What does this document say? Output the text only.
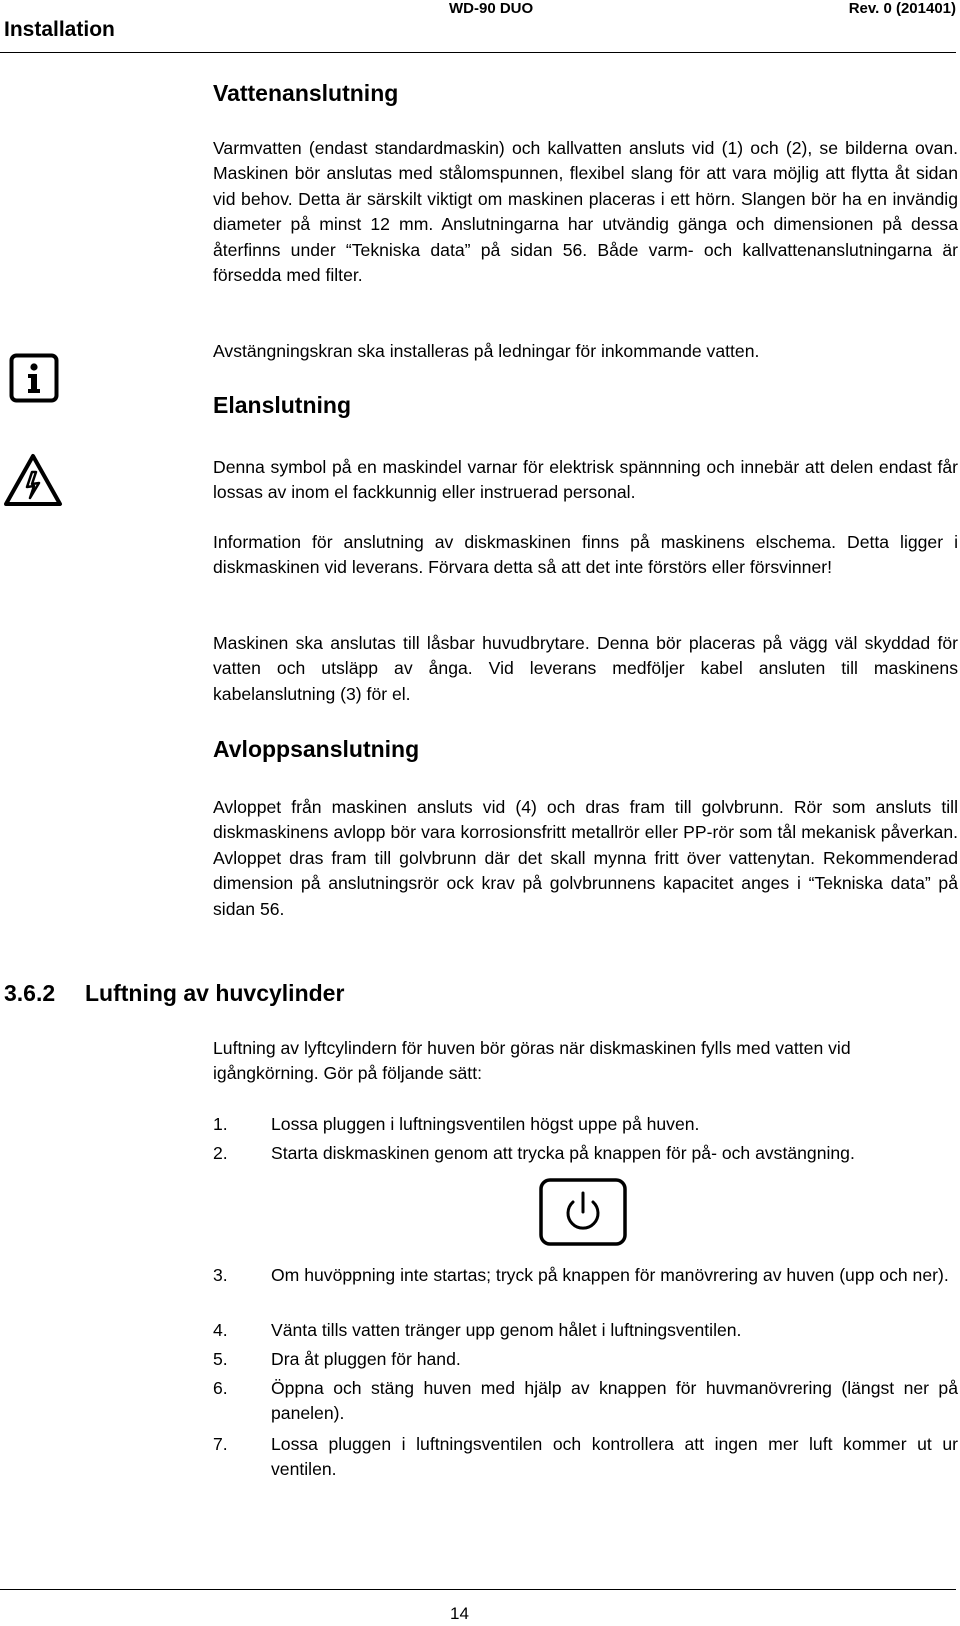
Installation
WD-90 DUO	Rev. 0 (201401)
Vattenanslutning

Varmvatten (endast standardmaskin) och kallvatten ansluts vid (1) och (2), se bilderna ovan. Maskinen bör anslutas med stålomspunnen, flexibel slang för att vara möjlig att flytta åt sidan vid behov. Detta är särskilt viktigt om maskinen placeras i ett hörn. Slangen bör ha en invändig diameter på minst 12 mm. Anslutningarna har utvändig gänga och dimensionen på dessa återfinns under “Tekniska data” på sidan 56. Både varm- och kallvattenanslutningarna är försedda med filter.

Avstängningskran ska installeras på ledningar för inkommande vatten.

Elanslutning

Denna symbol på en maskindel varnar för elektrisk spännning och innebär att delen endast får lossas av inom el fackkunnig eller instruerad personal.

Information för anslutning av diskmaskinen finns på maskinens elschema. Detta ligger i diskmaskinen vid leverans. Förvara detta så att det inte förstörs eller försvinner!

Maskinen ska anslutas till låsbar huvudbrytare. Denna bör placeras på vägg väl skyddad för vatten och utsläpp av ånga. Vid leverans medföljer kabel ansluten till maskinens kabelanslutning (3) för el.

Avloppsanslutning

Avloppet från maskinen ansluts vid (4) och dras fram till golvbrunn. Rör som ansluts till diskmaskinens avlopp bör vara korrosionsfritt metallrör eller PP-rör som tål mekanisk påverkan. Avloppet dras fram till golvbrunn där det skall mynna fritt över vattenytan. Rekommenderad dimension på anslutningsrör ock krav på golvbrunnens kapacitet anges i “Tekniska data” på sidan 56.

3.6.2 Luftning av huvcylinder

Luftning av lyftcylindern för huven bör göras när diskmaskinen fylls med vatten vid igångkörning. Gör på följande sätt:

1. Lossa pluggen i luftningsventilen högst uppe på huven.
2. Starta diskmaskinen genom att trycka på knappen för på- och avstängning.
3. Om huvöppning inte startas; tryck på knappen för manövrering av huven (upp och ner).
4. Vänta tills vatten tränger upp genom hålet i luftningsventilen.
5. Dra åt pluggen för hand.
6. Öppna och stäng huven med hjälp av knappen för huvmanövrering (längst ner på panelen).
7. Lossa pluggen i luftningsventilen och kontrollera att ingen mer luft kommer ut ur ventilen.
14
